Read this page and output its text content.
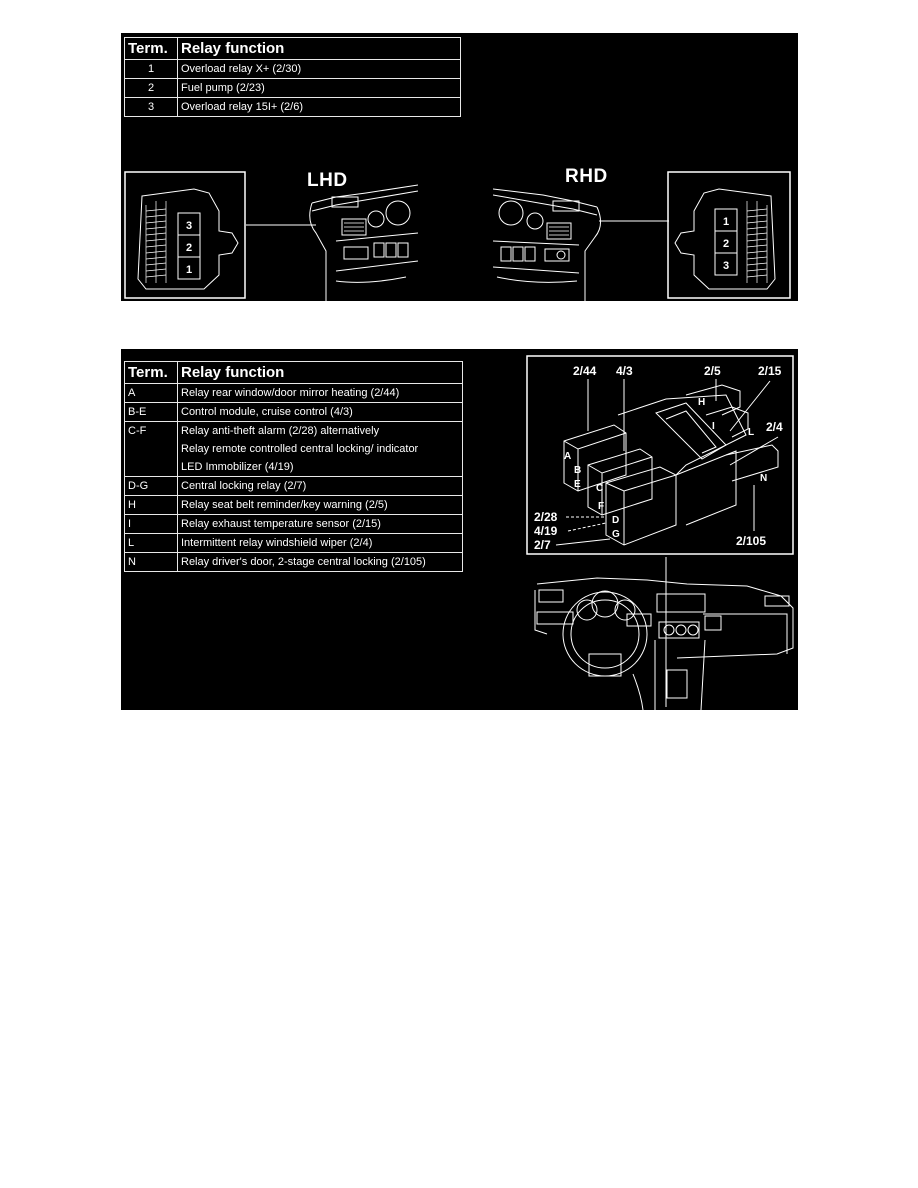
Term.	Relay function
1	Overload relay X+ (2/30)
2	Fuel pump (2/23)
3	Overload relay 15I+ (2/6)
3
2
1
LHD	RHD
1
2
3
Term.	Relay function
A	Relay rear window/door mirror heating (2/44)
B-E	Control module, cruise control (4/3)
C-F	Relay anti-theft alarm (2/28) alternatively
Relay remote controlled central locking/ indicator
LED Immobilizer (4/19)

D-G	Central locking relay (2/7)
H	Relay seat belt reminder/key warning (2/5)
I	Relay exhaust temperature sensor (2/15)
L	Intermittent relay windshield wiper (2/4)
N	Relay driver's door, 2-stage central locking (2/105)
A
B
E C
F
D
G
H
I
L
N
2/44 4/3	2/5	2/15
2/4
2/28
4/19
2/7	2/105
